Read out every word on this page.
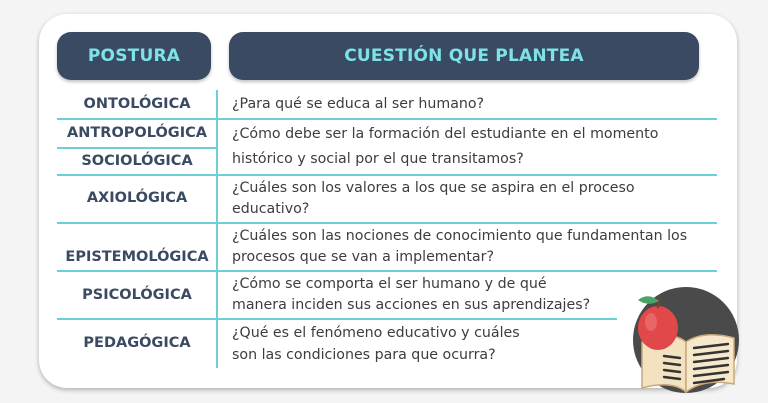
POSTURA	CUESTIÓN QUE PLANTEA
ONTOLÓGICA
ANTROPOLÓGICA
SOCIOLÓGICA
AXIOLÓGICA
EPISTEMOLÓGICA
PSICOLÓGICA
PEDAGÓGICA
¿Para qué se educa al ser humano?
¿Cómo debe ser la formación del estudiante en el momento
histórico y social por el que transitamos?
¿Cuáles son los valores a los que se aspira en el proceso
educativo?
¿Cuáles son las nociones de conocimiento que fundamentan los
procesos que se van a implementar?
¿Cómo se comporta el ser humano y de qué
manera inciden sus acciones en sus aprendizajes?
¿Qué es el fenómeno educativo y cuáles
son las condiciones para que ocurra?
